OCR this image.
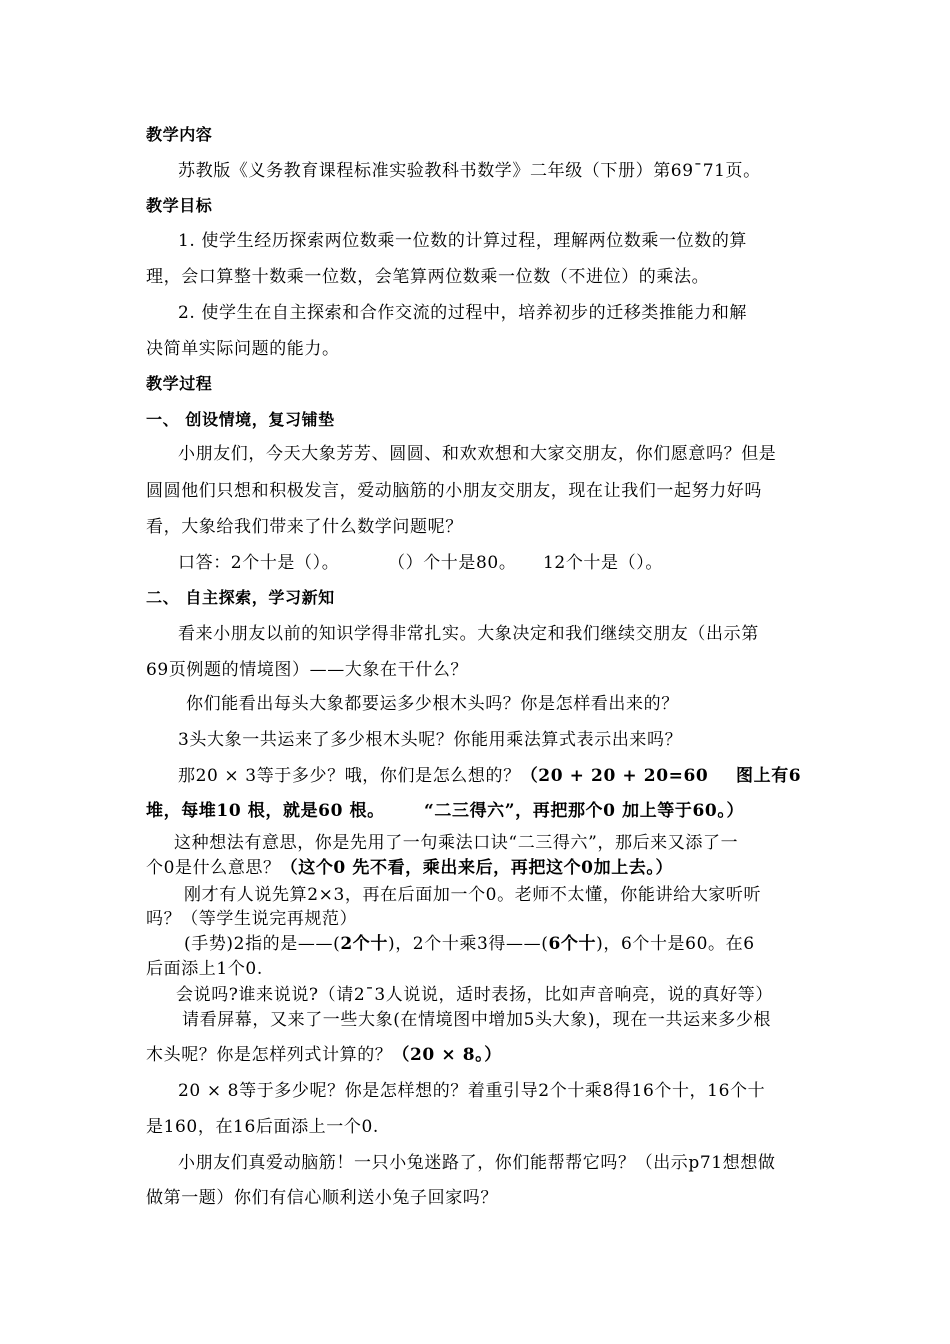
教学内容
苏教版《义务教育课程标准实验教科书数学》二年级（下册）第69¯71页。
教学目标
1. 使学生经历探索两位数乘一位数的计算过程，理解两位数乘一位数的算
理，会口算整十数乘一位数，会笔算两位数乘一位数（不进位）的乘法。
2. 使学生在自主探索和合作交流的过程中，培养初步的迁移类推能力和解
决简单实际问题的能力。
教学过程
一、 创设情境，复习铺垫
小朋友们，今天大象芳芳、圆圆、和欢欢想和大家交朋友，你们愿意吗？但是
圆圆他们只想和积极发言，爱动脑筋的小朋友交朋友，现在让我们一起努力好吗
看，大象给我们带来了什么数学问题呢？
口答：2个十是（）。	（）个十是80。 12个十是（）。
二、 自主探索，学习新知
看来小朋友以前的知识学得非常扎实。大象决定和我们继续交朋友（出示第
69页例题的情境图）——大象在干什么？
你们能看出每头大象都要运多少根木头吗？你是怎样看出来的？
3头大象一共运来了多少根木头呢？你能用乘法算式表示出来吗？
那20 × 3等于多少？哦，你们是怎么想的？（20 + 20 + 20=60 图上有6
堆，每堆10 根，就是60 根。 “二三得六”，再把那个0 加上等于60。）
这种想法有意思，你是先用了一句乘法口诀“二三得六”，那后来又添了一
个0是什么意思？（这个0 先不看，乘出来后，再把这个0加上去。）
刚才有人说先算2×3，再在后面加一个0。老师不太懂，你能讲给大家听听
吗？（等学生说完再规范）
(手势)2指的是——(2个十)，2个十乘3得——(6个十)，6个十是60。在6
后面添上1个0.
会说吗?谁来说说?（请2¯3人说说，适时表扬，比如声音响亮，说的真好等）
请看屏幕，又来了一些大象(在情境图中增加5头大象)，现在一共运来多少根
木头呢？你是怎样列式计算的？（20 × 8。）
20 × 8等于多少呢？你是怎样想的？着重引导2个十乘8得16个十，16个十
是160，在16后面添上一个0.
小朋友们真爱动脑筋！一只小兔迷路了，你们能帮帮它吗？（出示p71想想做
做第一题）你们有信心顺利送小兔子回家吗？
